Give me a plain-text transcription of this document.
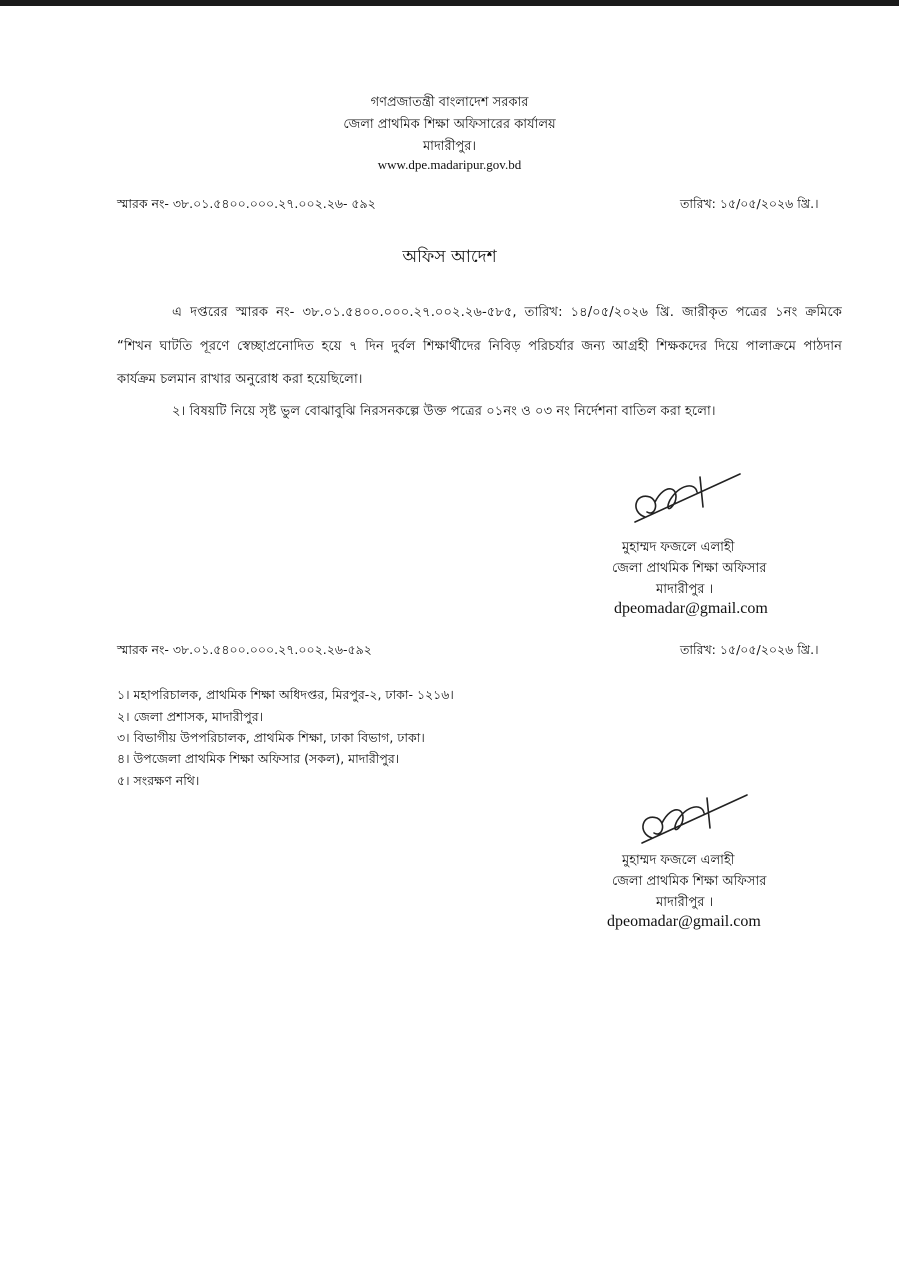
গণপ্রজাতন্ত্রী বাংলাদেশ সরকার
জেলা প্রাথমিক শিক্ষা অফিসারের কার্যালয়
মাদারীপুর।
www.dpe.madaripur.gov.bd
স্মারক নং- ৩৮.০১.৫৪০০.০০০.২৭.০০২.২৬- ৫৯২	তারিখ: ১৫/০৫/২০২৬ খ্রি.।
অফিস আদেশ
এ দপ্তরের স্মারক নং- ৩৮.০১.৫৪০০.০০০.২৭.০০২.২৬-৫৮৫, তারিখ: ১৪/০৫/২০২৬ খ্রি. জারীকৃত পত্রের ১নং ক্রমিকে
“শিখন ঘাটতি পূরণে স্বেচ্ছাপ্রনোদিত হয়ে ৭ দিন দুর্বল শিক্ষার্থীদের নিবিড় পরিচর্যার জন্য আগ্রহী শিক্ষকদের দিয়ে পালাক্রমে পাঠদান
কার্যক্রম চলমান রাখার অনুরোধ করা হয়েছিলো।
২। বিষয়টি নিয়ে সৃষ্ট ভুল বোঝাবুঝি নিরসনকল্পে উক্ত পত্রের ০১নং ও ০৩ নং নির্দেশনা বাতিল করা হলো।
মুহাম্মদ ফজলে এলাহী
জেলা প্রাথমিক শিক্ষা অফিসার
মাদারীপুর ।
dpeomadar@gmail.com
স্মারক নং- ৩৮.০১.৫৪০০.০০০.২৭.০০২.২৬-৫৯২	তারিখ: ১৫/০৫/২০২৬ খ্রি.।
১। মহাপরিচালক, প্রাথমিক শিক্ষা অধিদপ্তর, মিরপুর-২, ঢাকা- ১২১৬।
২। জেলা প্রশাসক, মাদারীপুর।
৩। বিভাগীয় উপপরিচালক, প্রাথমিক শিক্ষা, ঢাকা বিভাগ, ঢাকা।
৪। উপজেলা প্রাথমিক শিক্ষা অফিসার (সকল), মাদারীপুর।
৫। সংরক্ষণ নথি।
মুহাম্মদ ফজলে এলাহী
জেলা প্রাথমিক শিক্ষা অফিসার
মাদারীপুর ।
dpeomadar@gmail.com
